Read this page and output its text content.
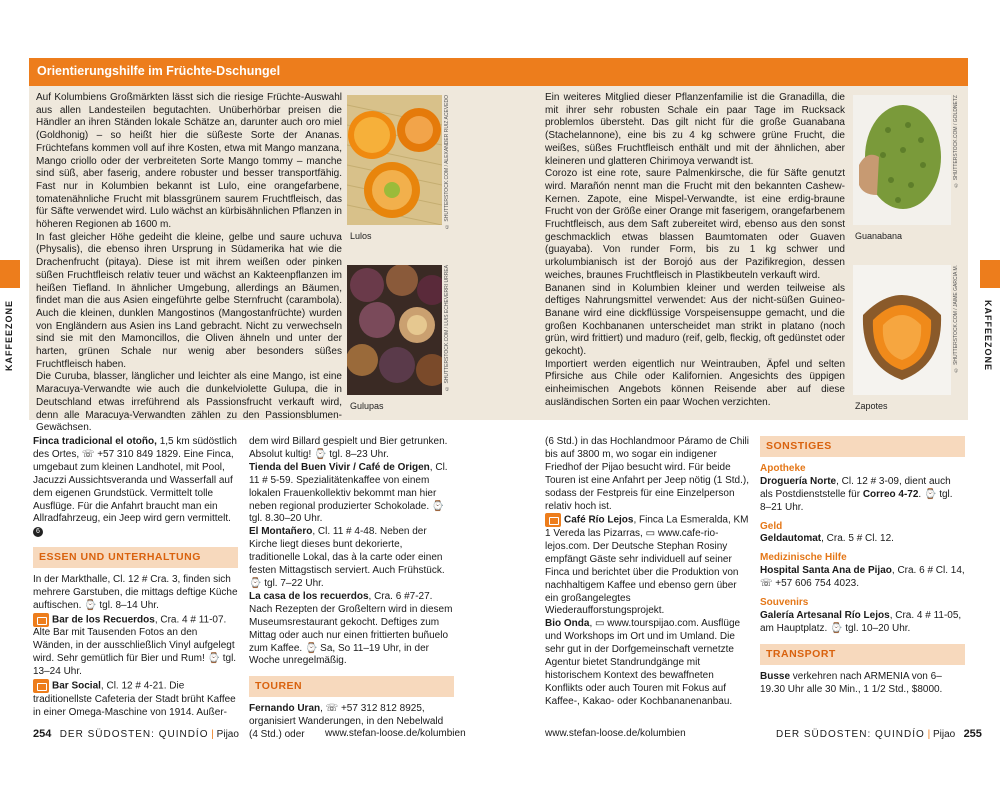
Orientierungshilfe im Früchte-Dschungel

Auf Kolumbiens Großmärkten lässt sich die riesige Früchte-Auswahl aus allen Landesteilen begutachten. Unüberhörbar preisen die Händler an ihren Ständen lokale Schätze an, darunter auch oro miel (Goldhonig) – so heißt hier die süßeste Sorte der Ananas. Früchtefans kommen voll auf ihre Kosten, etwa mit Mango manzana, Mango criollo oder der verbreiteten Sorte Mango tommy – manche sind süß, aber faserig, andere robuster und besser transportfähig. Fast nur in Kolumbien bekannt ist Lulo, eine orangefarbene, tomatenähnliche Frucht mit blassgrünem saurem Fruchtfleisch, das für Säfte verwendet wird. Lulo wächst an kürbisähnlichen Pflanzen in höheren Regionen ab 1600 m.

In fast gleicher Höhe gedeiht die kleine, gelbe und saure uchuva (Physalis), die ebenso ihren Ursprung in Südamerika hat wie die Drachenfrucht (pitaya). Diese ist mit ihrem weißen oder pinken süßen Fruchtfleisch relativ teuer und wächst an Kakteenpflanzen im heißen Tiefland. In ähnlicher Umgebung, allerdings an Bäumen, findet man die aus Asien eingeführte gelbe Sternfrucht (carambola). Auch die kleinen, dunklen Mangostinos (Mangostanfrüchte) wurden von Engländern aus Asien ins Land gebracht. Nicht zu verwechseln sind sie mit den Mamoncillos, die Oliven ähneln und unter der harten, grünen Schale nur wenig aber besonders süßes Fruchtfleisch haben.

Die Curuba, blasser, länglicher und leichter als eine Mango, ist eine Maracuya-Verwandte wie auch die dunkelviolette Gulupa, die in Deutschland etwas irreführend als Passionsfrucht verkauft wird, denn alle Maracuya-Verwandten zählen zu den Passionsblumen-Gewächsen.

© SHUTTERSTOCK.COM / ALEXANDER RUIZ ACEVEDO
Lulos
© SHUTTERSTOCK.COM / LUIS ECHEVERRI URREA
Gulupas

Ein weiteres Mitglied dieser Pflanzenfamilie ist die Granadilla, die mit ihrer sehr robusten Schale ein paar Tage im Rucksack problemlos übersteht. Das gilt nicht für die große Guanabana (Stachelannone), eine bis zu 4 kg schwere grüne Frucht, die weißes, süßes Fruchtfleisch enthält und mit der ähnlichen, aber kleineren und glatteren Chirimoya verwandt ist.

Corozo ist eine rote, saure Palmenkirsche, die für Säfte genutzt wird. Marañón nennt man die Frucht mit den bekannten Cashew-Kernen. Zapote, eine Mispel-Verwandte, ist eine erdig-braune Frucht von der Größe einer Orange mit faserigem, orangefarbenem Fruchtfleisch, aus dem Saft zubereitet wird, ebenso aus den sonst geschmacklich etwas blassen Baumtomaten oder Guaven (guayaba). Von runder Form, bis zu 1 kg schwer und urkolumbianisch ist der Borojó aus der Pazifikregion, dessen weiches, braunes Fruchtfleisch in Plastikbeuteln verkauft wird.

Bananen sind in Kolumbien kleiner und werden teilweise als deftiges Nahrungsmittel verwendet: Aus der nicht-süßen Guineo-Banane wird eine dickflüssige Vorspeisensuppe gemacht, und die großen Kochbananen unterscheidet man strikt in platano (noch grün, wird frittiert) und maduro (reif, gelb, fleckig, oft gedünstet oder gekocht).

Importiert werden eigentlich nur Weintrauben, Äpfel und selten Pfirsiche aus Chile oder Kalifornien. Angesichts des üppigen einheimischen Angebots können Reisende aber auf diese ausländischen Sorten ein paar Wochen verzichten.

© SHUTTERSTOCK.COM / GOLDNETZ
Guanabana
© SHUTTERSTOCK.COM / JAIME GARCIA M.
Zapotes
KAFFEEZONE	KAFFEEZONE

Finca tradicional el otoño, 1,5 km südöstlich des Ortes, ☏ +57 310 849 1829. Eine Finca, umgebaut zum kleinen Landhotel, mit Pool, Jacuzzi Aussichtsveranda und Wasserfall auf dem eigenen Grundstück. Vermittelt tolle Ausflüge. Für die Anfahrt braucht man ein Allradfahrzeug, ein Jeep wird gern vermittelt. 6

ESSEN UND UNTERHALTUNG

In der Markthalle, Cl. 12 # Cra. 3, finden sich mehrere Garstuben, die mittags deftige Küche auftischen. ⌚ tgl. 8–14 Uhr.

Bar de los Recuerdos, Cra. 4 # 11-07. Alte Bar mit Tausenden Fotos an den Wänden, in der ausschließlich Vinyl aufgelegt wird. Sehr gemütlich für Bier und Rum! ⌚ tgl. 13–24 Uhr.

Bar Social, Cl. 12 # 4-21. Die traditionellste Cafeteria der Stadt brüht Kaffee in einer Omega-Maschine von 1914. Außer-

dem wird Billard gespielt und Bier getrunken. Absolut kultig! ⌚ tgl. 8–23 Uhr.

Tienda del Buen Vivir / Café de Origen, Cl. 11 # 5-59. Spezialitätenkaffee von einem lokalen Frauenkollektiv bekommt man hier neben regional produzierter Schokolade. ⌚ tgl. 8.30–20 Uhr.

El Montañero, Cl. 11 # 4-48. Neben der Kirche liegt dieses bunt dekorierte, traditionelle Lokal, das à la carte oder einen festen Mittagstisch serviert. Auch Frühstück. ⌚ tgl. 7–22 Uhr.

La casa de los recuerdos, Cra. 6 #7-27. Nach Rezepten der Großeltern wird in diesem Museumsrestaurant gekocht. Deftiges zum Mittag oder auch nur einen frittierten buñuelo zum Kaffee. ⌚ Sa, So 11–19 Uhr, in der Woche unregelmäßig.

TOUREN

Fernando Uran, ☏ +57 312 812 8925, organisiert Wanderungen, in den Nebelwald (4 Std.) oder

(6 Std.) in das Hochlandmoor Páramo de Chili bis auf 3800 m, wo sogar ein indigener Friedhof der Pijao besucht wird. Für beide Touren ist eine Anfahrt per Jeep nötig (1 Std.), sodass der Festpreis für eine Einzelperson relativ hoch ist.

Café Río Lejos, Finca La Esmeralda, KM 1 Vereda las Pizarras, ▭ www.cafe-rio-lejos.com. Der Deutsche Stephan Rosiny empfängt Gäste sehr individuell auf seiner Finca und berichtet über die Produktion von nachhaltigem Kaffee und ebenso gern über ein großangelegtes Wiederaufforstungsprojekt.

Bio Onda, ▭ www.tourspijao.com. Ausflüge und Workshops im Ort und im Umland. Die sehr gut in der Dorfgemeinschaft vernetzte Agentur bietet Standrundgänge mit historischem Kontext des bewaffneten Konflikts oder auch Touren mit Fokus auf Kaffee-, Kakao- oder Kochbananenanbau.

SONSTIGES
Apotheke

Droguería Norte, Cl. 12 # 3-09, dient auch als Postdienststelle für Correo 4-72. ⌚ tgl. 8–21 Uhr.

Geld

Geldautomat, Cra. 5 # Cl. 12.

Medizinische Hilfe

Hospital Santa Ana de Pijao, Cra. 6 # Cl. 14, ☏ +57 606 754 4023.

Souvenirs

Galería Artesanal Río Lejos, Cra. 4 # 11-05, am Hauptplatz. ⌚ tgl. 10–20 Uhr.

TRANSPORT

Busse verkehren nach ARMENIA von 6–19.30 Uhr alle 30 Min., 1 1/2 Std., $8000.

254 DER SÜDOSTEN: QUINDÍO | Pijao	www.stefan-loose.de/kolumbien	www.stefan-loose.de/kolumbien	DER SÜDOSTEN: QUINDÍO | Pijao 255
